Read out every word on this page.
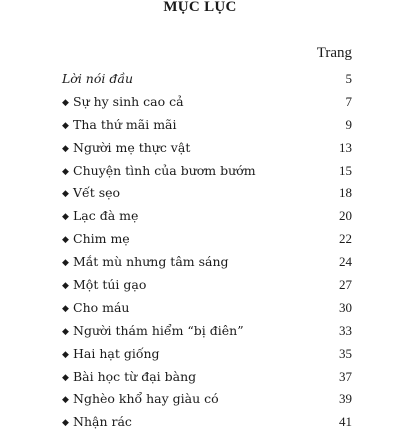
MỤC LỤC
Trang
Lời nói đầu	5
◆ Sự hy sinh cao cả	7
◆ Tha thứ mãi mãi	9
◆ Người mẹ thực vật	13
◆ Chuyện tình của bươm bướm	15
◆ Vết sẹo	18
◆ Lạc đà mẹ	20
◆ Chim mẹ	22
◆ Mắt mù nhưng tâm sáng	24
◆ Một túi gạo	27
◆ Cho máu	30
◆ Người thám hiểm “bị điên”	33
◆ Hai hạt giống	35
◆ Bài học từ đại bàng	37
◆ Nghèo khổ hay giàu có	39
◆ Nhận rác	41
